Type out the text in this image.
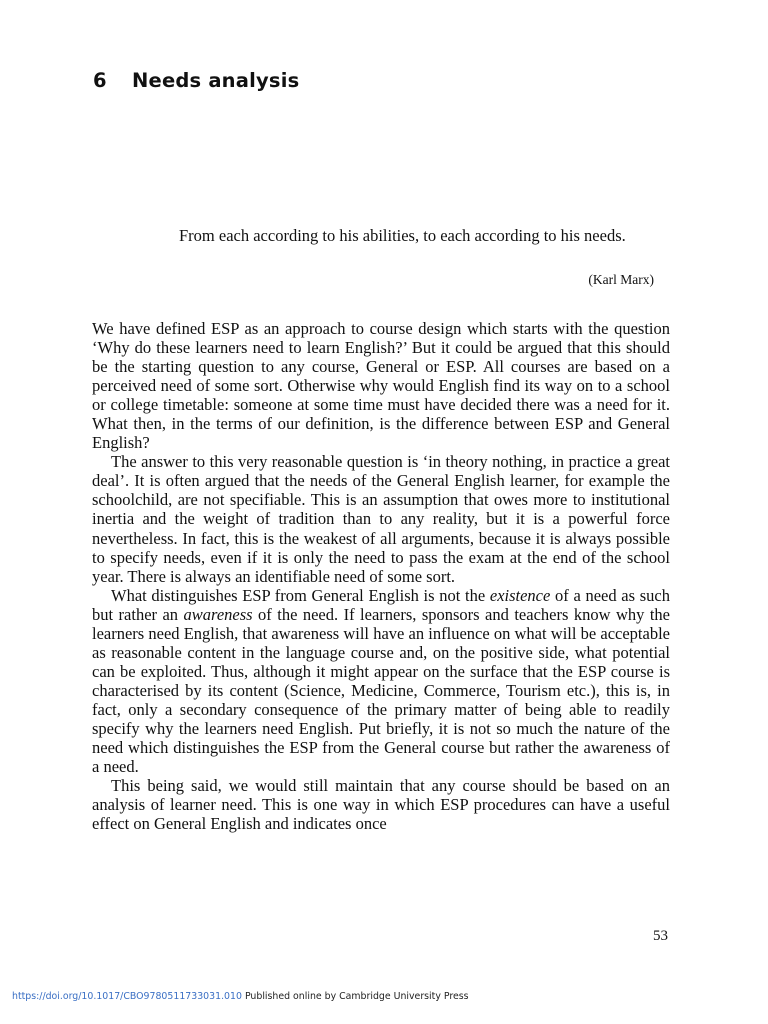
6 Needs analysis
From each according to his abilities, to each according to his needs.
(Karl Marx)

We have defined ESP as an approach to course design which starts with the question ‘Why do these learners need to learn English?’ But it could be argued that this should be the starting question to any course, General or ESP. All courses are based on a perceived need of some sort. Otherwise why would English find its way on to a school or college timetable: someone at some time must have decided there was a need for it. What then, in the terms of our definition, is the difference between ESP and General English?

The answer to this very reasonable question is ‘in theory nothing, in practice a great deal’. It is often argued that the needs of the General English learner, for example the schoolchild, are not specifiable. This is an assumption that owes more to institutional inertia and the weight of tradition than to any reality, but it is a powerful force nevertheless. In fact, this is the weakest of all arguments, because it is always possible to specify needs, even if it is only the need to pass the exam at the end of the school year. There is always an identifiable need of some sort.

What distinguishes ESP from General English is not the existence of a need as such but rather an awareness of the need. If learners, sponsors and teachers know why the learners need English, that awareness will have an influence on what will be acceptable as reasonable content in the language course and, on the positive side, what potential can be exploited. Thus, although it might appear on the surface that the ESP course is characterised by its content (Science, Medicine, Commerce, Tourism etc.), this is, in fact, only a secondary consequence of the primary matter of being able to readily specify why the learners need English. Put briefly, it is not so much the nature of the need which distinguishes the ESP from the General course but rather the awareness of a need.

This being said, we would still maintain that any course should be based on an analysis of learner need. This is one way in which ESP procedures can have a useful effect on General English and indicates once

53
https://doi.org/10.1017/CBO9780511733031.010 Published online by Cambridge University Press
